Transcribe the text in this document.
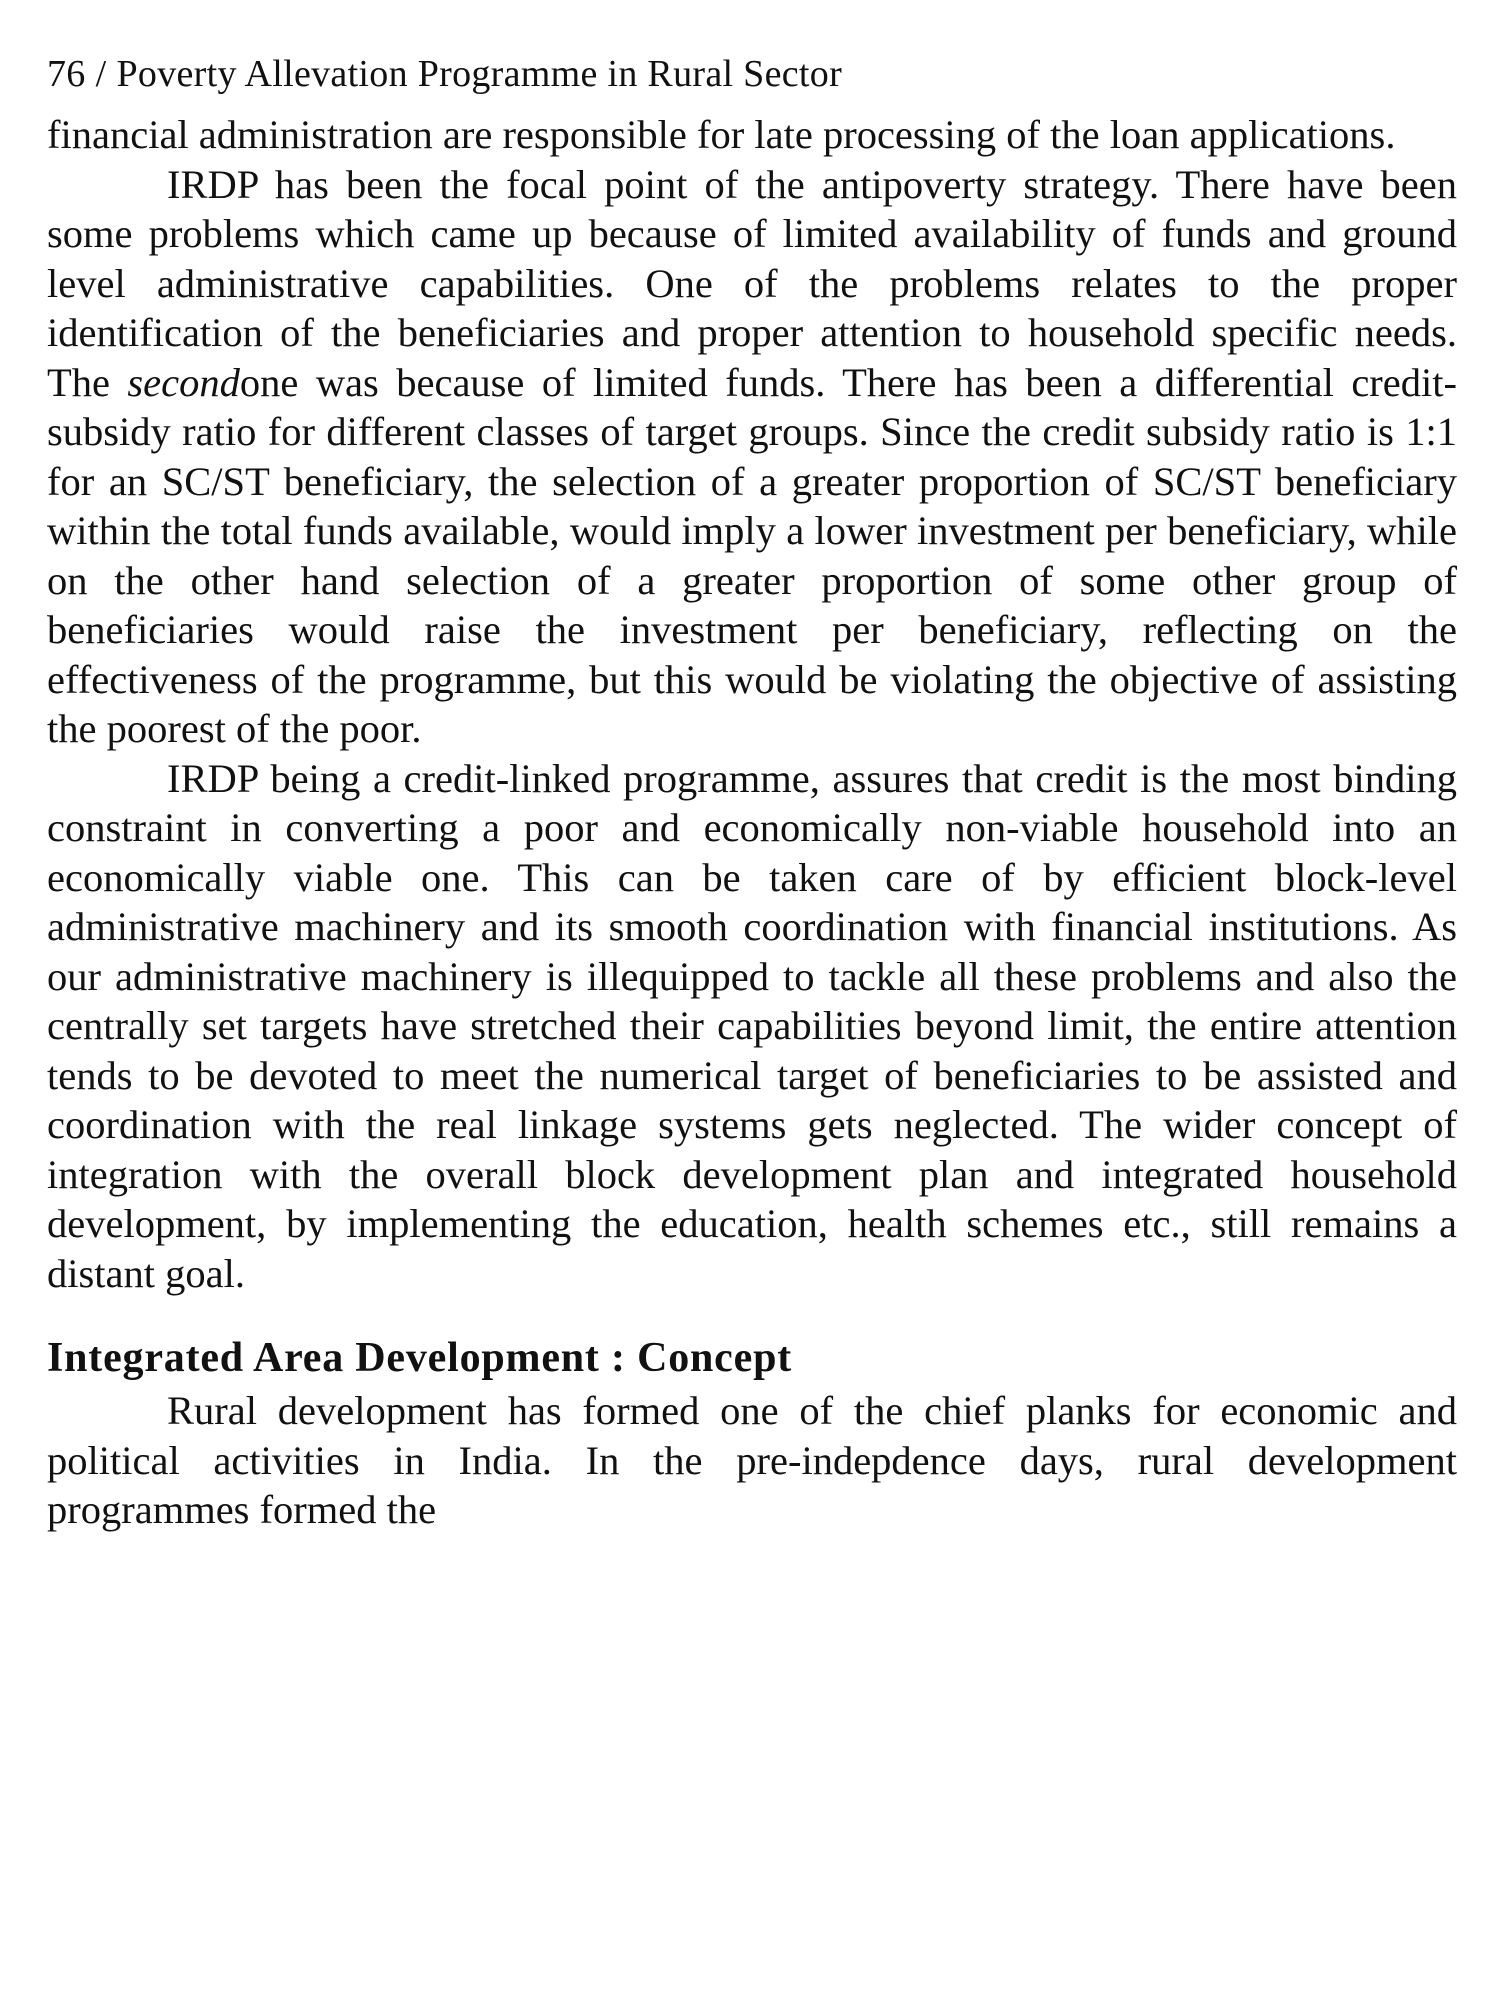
76 / Poverty Allevation Programme in Rural Sector

financial administration are responsible for late processing of the loan applications.

IRDP has been the focal point of the antipoverty strategy. There have been some problems which came up because of limited availability of funds and ground level administrative capabilities. One of the problems relates to the proper identification of the beneficiaries and proper attention to household specific needs. The secondone was because of limited funds. There has been a differential credit-subsidy ratio for different classes of target groups. Since the credit subsidy ratio is 1:1 for an SC/ST beneficiary, the selection of a greater proportion of SC/ST beneficiary within the total funds available, would imply a lower investment per beneficiary, while on the other hand selection of a greater proportion of some other group of beneficiaries would raise the investment per beneficiary, reflecting on the effectiveness of the programme, but this would be violating the objective of assisting the poorest of the poor.

IRDP being a credit-linked programme, assures that credit is the most binding constraint in converting a poor and economically non-viable household into an economically viable one. This can be taken care of by efficient block-level administrative machinery and its smooth coordination with financial institutions. As our administrative machinery is illequipped to tackle all these problems and also the centrally set targets have stretched their capabilities beyond limit, the entire attention tends to be devoted to meet the numerical target of beneficiaries to be assisted and coordination with the real linkage systems gets neglected. The wider concept of integration with the overall block development plan and integrated household development, by implementing the education, health schemes etc., still remains a distant goal.

Integrated Area Development : Concept

Rural development has formed one of the chief planks for economic and political activities in India. In the pre-indepdence days, rural development programmes formed the
